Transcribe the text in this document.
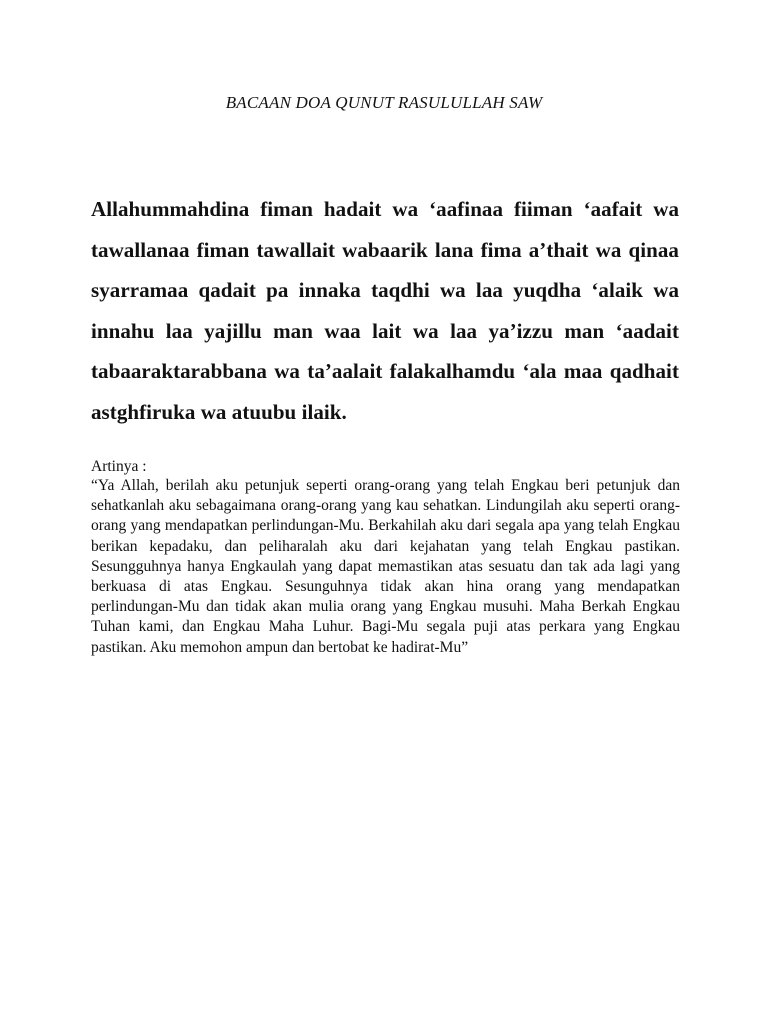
BACAAN DOA QUNUT RASULULLAH SAW

Allahummahdina fiman hadait wa ‘aafinaa fiiman ‘aafait wa tawallanaa fiman tawallait wabaarik lana fima a’thait wa qinaa syarramaa qadait pa innaka taqdhi wa laa yuqdha ‘alaik wa innahu laa yajillu man waa lait wa laa ya’izzu man ‘aadait tabaaraktarabbana wa ta’aalait falakalhamdu ‘ala maa qadhait astghfiruka wa atuubu ilaik.

Artinya :

“Ya Allah, berilah aku petunjuk seperti orang-orang yang telah Engkau beri petunjuk dan sehatkanlah aku sebagaimana orang-orang yang kau sehatkan. Lindungilah aku seperti orang-orang yang mendapatkan perlindungan-Mu. Berkahilah aku dari segala apa yang telah Engkau berikan kepadaku, dan peliharalah aku dari kejahatan yang telah Engkau pastikan. Sesungguhnya hanya Engkaulah yang dapat memastikan atas sesuatu dan tak ada lagi yang berkuasa di atas Engkau. Sesunguhnya tidak akan hina orang yang mendapatkan perlindungan-Mu dan tidak akan mulia orang yang Engkau musuhi. Maha Berkah Engkau Tuhan kami, dan Engkau Maha Luhur. Bagi-Mu segala puji atas perkara yang Engkau pastikan. Aku memohon ampun dan bertobat ke hadirat-Mu”
